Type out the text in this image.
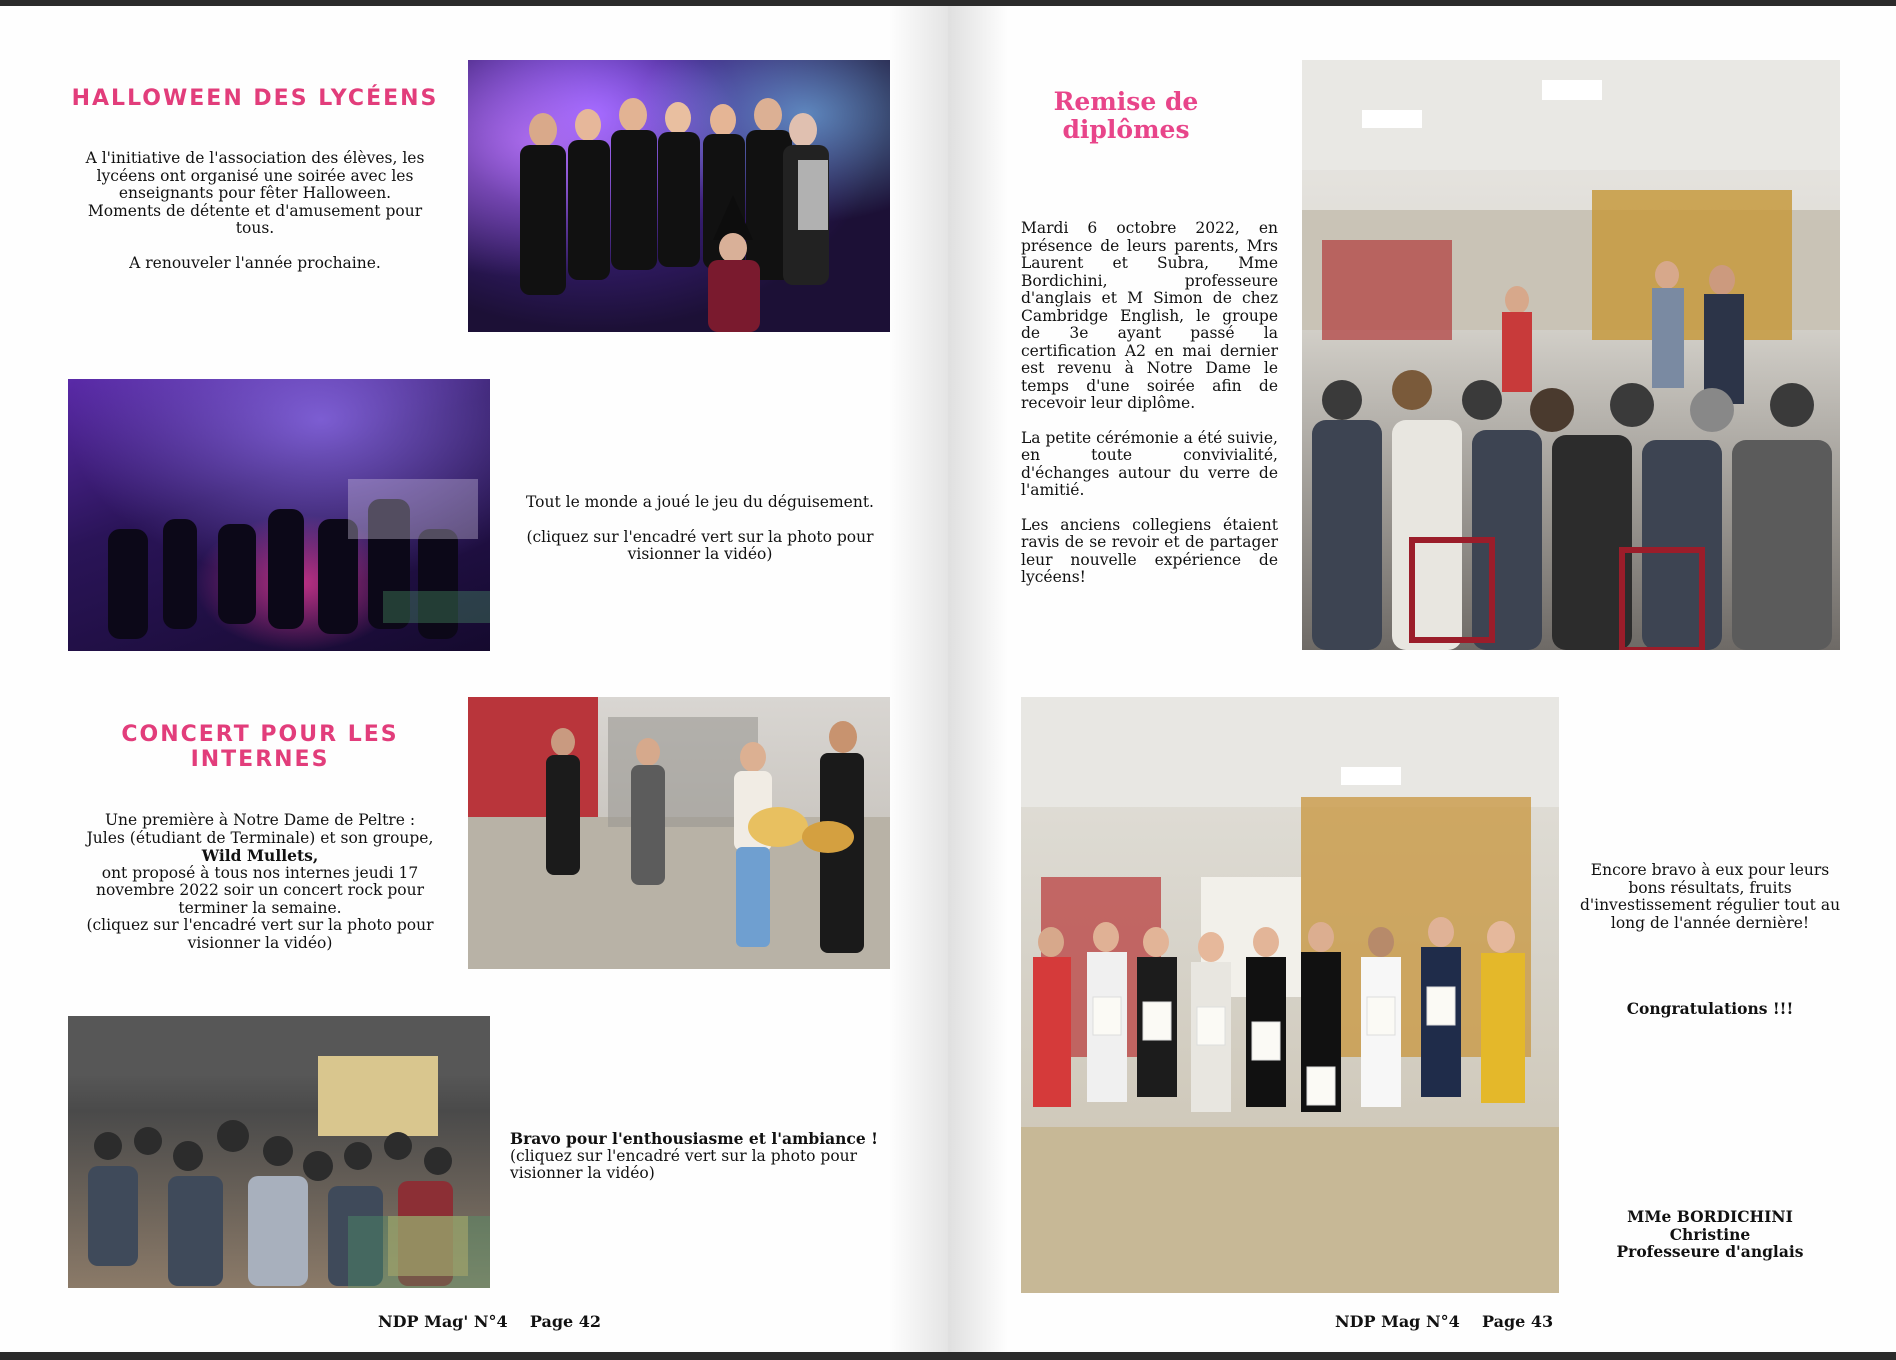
HALLOWEEN DES LYCÉENS

A l'initiative de l'association des élèves, les lycéens ont organisé une soirée avec les enseignants pour fêter Halloween.

Moments de détente et d'amusement pour tous.

A renouveler l'année prochaine.

Tout le monde a joué le jeu du déguisement.

(cliquez sur l'encadré vert sur la photo pour visionner la vidéo)

CONCERT POUR LES INTERNES

Une première à Notre Dame de Peltre :

Jules (étudiant de Terminale) et son groupe,

Wild Mullets,

ont proposé à tous nos internes jeudi 17 novembre 2022 soir un concert rock pour terminer la semaine.

(cliquez sur l'encadré vert sur la photo pour visionner la vidéo)

Bravo pour l'enthousiasme et l'ambiance !

(cliquez sur l'encadré vert sur la photo pour visionner la vidéo)

NDP Mag' N°4    Page 42
Remise de
diplômes

Mardi 6 octobre 2022, en présence de leurs parents, Mrs Laurent et Subra, Mme Bordichini, professeure d'anglais et M Simon de chez Cambridge English, le groupe de 3e ayant passé la certification A2 en mai dernier est revenu à Notre Dame le temps d'une soirée afin de recevoir leur diplôme.

La petite cérémonie a été suivie, en toute convivialité, d'échanges autour du verre de l'amitié.

Les anciens collegiens étaient ravis de se revoir et de partager leur nouvelle expérience de lycéens!

Encore bravo à eux pour leurs bons résultats, fruits d'investissement régulier tout au long de l'année dernière!
Congratulations !!!

MMe BORDICHINI

Christine

Professeure d'anglais

NDP Mag N°4    Page 43
